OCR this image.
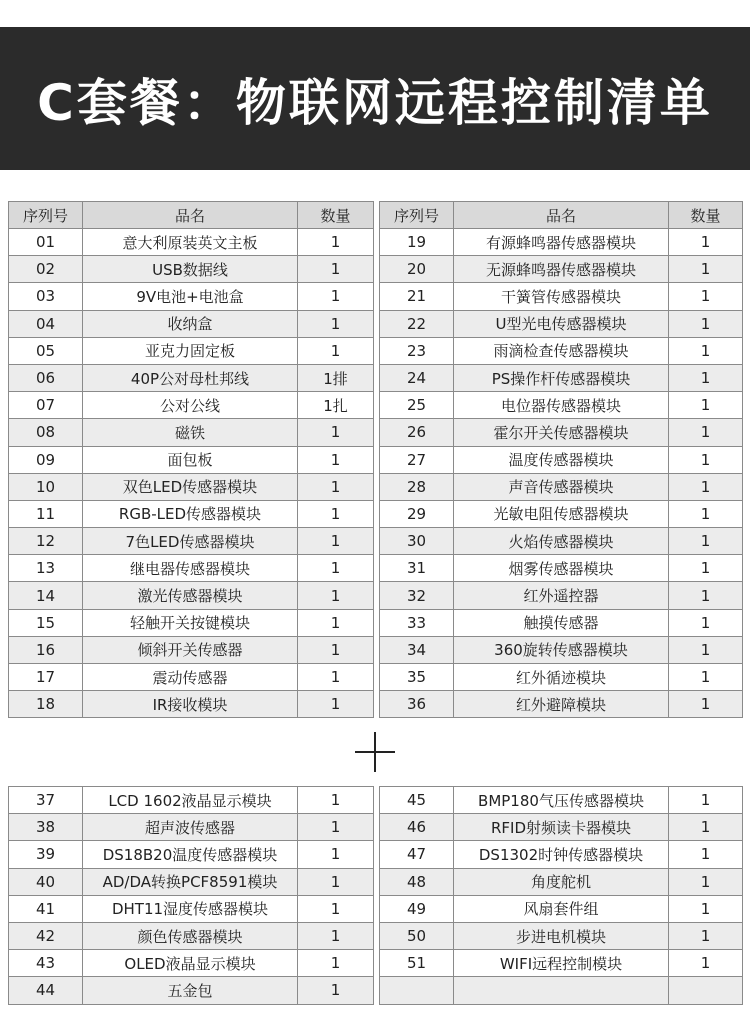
C套餐：物联网远程控制清单
序列号	品名	数量
01	意大利原装英文主板	1
02	USB数据线	1
03	9V电池+电池盒	1
04	收纳盒	1
05	亚克力固定板	1
06	40P公对母杜邦线	1排
07	公对公线	1扎
08	磁铁	1
09	面包板	1
10	双色LED传感器模块	1
11	RGB-LED传感器模块	1
12	7色LED传感器模块	1
13	继电器传感器模块	1
14	激光传感器模块	1
15	轻触开关按键模块	1
16	倾斜开关传感器	1
17	震动传感器	1
18	IR接收模块	1
序列号	品名	数量
19	有源蜂鸣器传感器模块	1
20	无源蜂鸣器传感器模块	1
21	干簧管传感器模块	1
22	U型光电传感器模块	1
23	雨滴检查传感器模块	1
24	PS操作杆传感器模块	1
25	电位器传感器模块	1
26	霍尔开关传感器模块	1
27	温度传感器模块	1
28	声音传感器模块	1
29	光敏电阻传感器模块	1
30	火焰传感器模块	1
31	烟雾传感器模块	1
32	红外遥控器	1
33	触摸传感器	1
34	360旋转传感器模块	1
35	红外循迹模块	1
36	红外避障模块	1
37	LCD 1602液晶显示模块	1
38	超声波传感器	1
39	DS18B20温度传感器模块	1
40	AD/DA转换PCF8591模块	1
41	DHT11湿度传感器模块	1
42	颜色传感器模块	1
43	OLED液晶显示模块	1
44	五金包	1
45	BMP180气压传感器模块	1
46	RFID射频读卡器模块	1
47	DS1302时钟传感器模块	1
48	角度舵机	1
49	风扇套件组	1
50	步进电机模块	1
51	WIFI远程控制模块	1
